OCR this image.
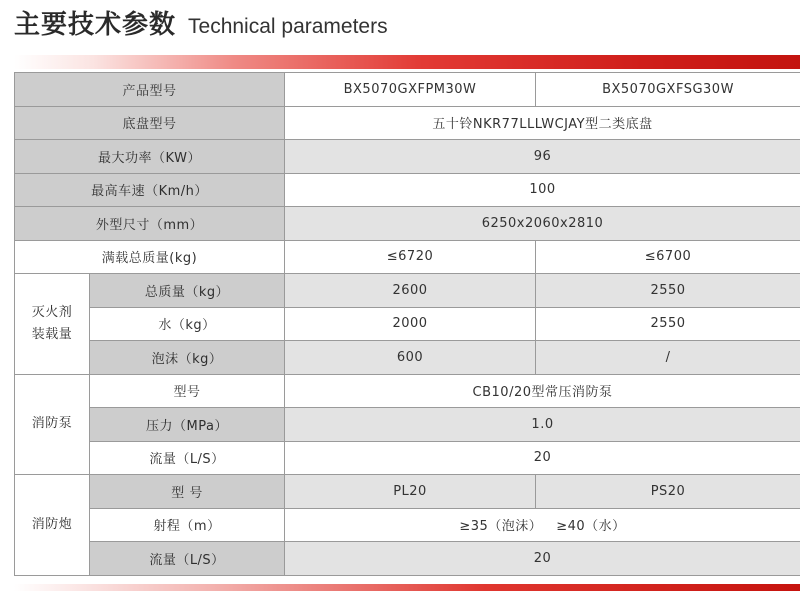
主要技术参数 Technical parameters
产品型号		BX5070GXFPM30W	BX5070GXFSG30W
底盘型号		五十铃NKR77LLLWCJAY型二类底盘	
最大功率（KW）		96	
最高车速（Km/h）		100	
外型尺寸（mm）		6250x2060x2810	
满载总质量(kg)		≤6720	≤6700

灭火剂
装载量	总质量（kg）	2600	2550
	水（kg）	2000	2550
	泡沫（kg）	600	/
消防泵	型号	CB10/20型常压消防泵	
	压力（MPa）	1.0	
	流量（L/S）	20	
消防炮	型 号	PL20	PS20
	射程（m）	≥35（泡沫）   ≥40（水）	
	流量（L/S）	20	
